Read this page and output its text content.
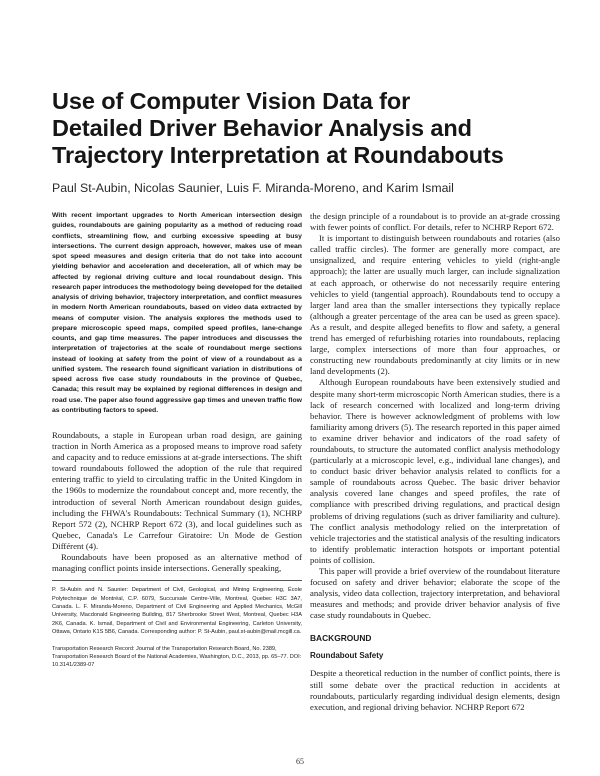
Use of Computer Vision Data for
Detailed Driver Behavior Analysis and
Trajectory Interpretation at Roundabouts
Paul St-Aubin, Nicolas Saunier, Luis F. Miranda-Moreno, and Karim Ismail

With recent important upgrades to North American intersection design guides, roundabouts are gaining popularity as a method of reducing road conflicts, streamlining flow, and curbing excessive speeding at busy intersections. The current design approach, however, makes use of mean spot speed measures and design criteria that do not take into account yielding behavior and acceleration and deceleration, all of which may be affected by regional driving culture and local roundabout design. This research paper introduces the methodology being developed for the detailed analysis of driving behavior, trajectory interpretation, and conflict measures in modern North American roundabouts, based on video data extracted by means of computer vision. The analysis explores the methods used to prepare microscopic speed maps, compiled speed profiles, lane-change counts, and gap time measures. The paper introduces and discusses the interpretation of trajectories at the scale of roundabout merge sections instead of looking at safety from the point of view of a roundabout as a unified system. The research found significant variation in distributions of speed across five case study roundabouts in the province of Quebec, Canada; this result may be explained by regional differences in design and road use. The paper also found aggressive gap times and uneven traffic flow as contributing factors to speed.

Roundabouts, a staple in European urban road design, are gaining traction in North America as a proposed means to improve road safety and capacity and to reduce emissions at at-grade intersections. The shift toward roundabouts followed the adoption of the rule that required entering traffic to yield to circulating traffic in the United Kingdom in the 1960s to modernize the roundabout concept and, more recently, the introduction of several North American roundabout design guides, including the FHWA's Roundabouts: Technical Summary (1), NCHRP Report 572 (2), NCHRP Report 672 (3), and local guidelines such as Quebec, Canada's Le Carrefour Giratoire: Un Mode de Gestion Différent (4).

Roundabouts have been proposed as an alternative method of managing conflict points inside intersections. Generally speaking,

P. St-Aubin and N. Saunier: Department of Civil, Geological, and Mining Engineering, École Polytechnique de Montréal, C.P. 6079, Succursale Centre-Ville, Montreal, Quebec H3C 3A7, Canada. L. F. Miranda-Moreno, Department of Civil Engineering and Applied Mechanics, McGill University, Macdonald Engineering Building, 817 Sherbrooke Street West, Montreal, Quebec H3A 2K6, Canada. K. Ismail, Department of Civil and Environmental Engineering, Carleton University, Ottawa, Ontario K1S 5B6, Canada. Corresponding author: P. St-Aubin, paul.st-aubin@mail.mcgill.ca.

Transportation Research Record: Journal of the Transportation Research Board, No. 2389, Transportation Research Board of the National Academies, Washington, D.C., 2013, pp. 65–77. DOI: 10.3141/2389-07

the design principle of a roundabout is to provide an at-grade crossing with fewer points of conflict. For details, refer to NCHRP Report 672.

It is important to distinguish between roundabouts and rotaries (also called traffic circles). The former are generally more compact, are unsignalized, and require entering vehicles to yield (right-angle approach); the latter are usually much larger, can include signalization at each approach, or otherwise do not necessarily require entering vehicles to yield (tangential approach). Roundabouts tend to occupy a larger land area than the smaller intersections they typically replace (although a greater percentage of the area can be used as green space). As a result, and despite alleged benefits to flow and safety, a general trend has emerged of refurbishing rotaries into roundabouts, replacing large, complex intersections of more than four approaches, or constructing new roundabouts predominantly at city limits or in new land developments (2).

Although European roundabouts have been extensively studied and despite many short-term microscopic North American studies, there is a lack of research concerned with localized and long-term driving behavior. There is however acknowledgment of problems with low familiarity among drivers (5). The research reported in this paper aimed to examine driver behavior and indicators of the road safety of roundabouts, to structure the automated conflict analysis methodology (particularly at a microscopic level, e.g., individual lane changes), and to conduct basic driver behavior analysis related to conflicts for a sample of roundabouts across Quebec. The basic driver behavior analysis covered lane changes and speed profiles, the rate of compliance with prescribed driving regulations, and practical design problems of driving regulations (such as driver familiarity and culture). The conflict analysis methodology relied on the interpretation of vehicle trajectories and the statistical analysis of the resulting indicators to identify problematic interaction hotspots or important potential points of collision.

This paper will provide a brief overview of the roundabout literature focused on safety and driver behavior; elaborate the scope of the analysis, video data collection, trajectory interpretation, and behavioral measures and methods; and provide driver behavior analysis of five case study roundabouts in Quebec.

BACKGROUND
Roundabout Safety

Despite a theoretical reduction in the number of conflict points, there is still some debate over the practical reduction in accidents at roundabouts, particularly regarding individual design elements, design execution, and regional driving behavior. NCHRP Report 672

65
